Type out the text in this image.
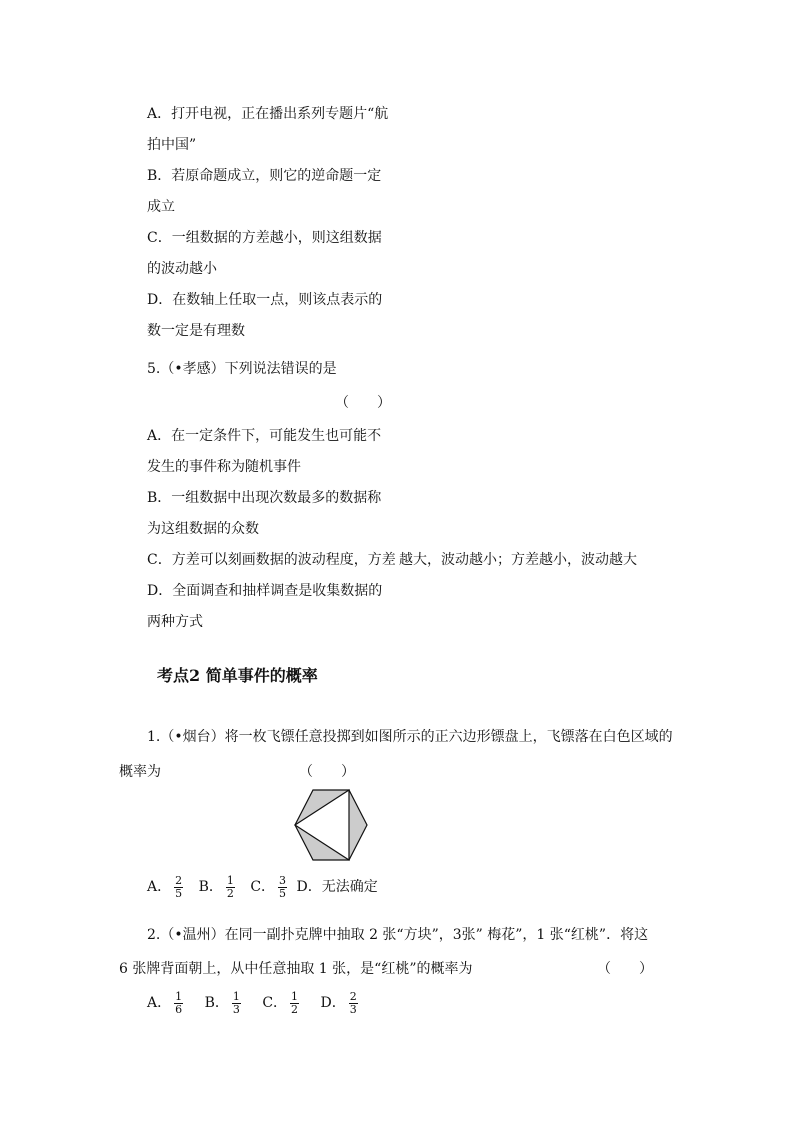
A．打开电视，正在播出系列专题片“航
拍中国”
B．若原命题成立，则它的逆命题一定
成立
C．一组数据的方差越小，则这组数据
的波动越小
D．在数轴上任取一点，则该点表示的
数一定是有理数
5.（•孝感）下列说法错误的是
（　　）
A．在一定条件下，可能发生也可能不
发生的事件称为随机事件
B．一组数据中出现次数最多的数据称
为这组数据的众数
C．方差可以刻画数据的波动程度，方差 越大，波动越小；方差越小，波动越大
D．全面调查和抽样调查是收集数据的
两种方式
考点2 简单事件的概率
1.（•烟台）将一枚飞镖任意投掷到如图所示的正六边形镖盘上，飞镖落在白色区域的
概率为	（　　）
A． $\frac{2}{5}$ B． $\frac{1}{2}$ C． $\frac{3}{5}$ D．无法确定
2.（•温州）在同一副扑克牌中抽取 2 张“方块”，3张” 梅花”，1 张“红桃”．将这
6 张牌背面朝上，从中任意抽取 1 张，是“红桃”的概率为	（　　）
A． $\frac{1}{6}$ B． $\frac{1}{3}$ C． $\frac{1}{2}$ D． $\frac{2}{3}$
